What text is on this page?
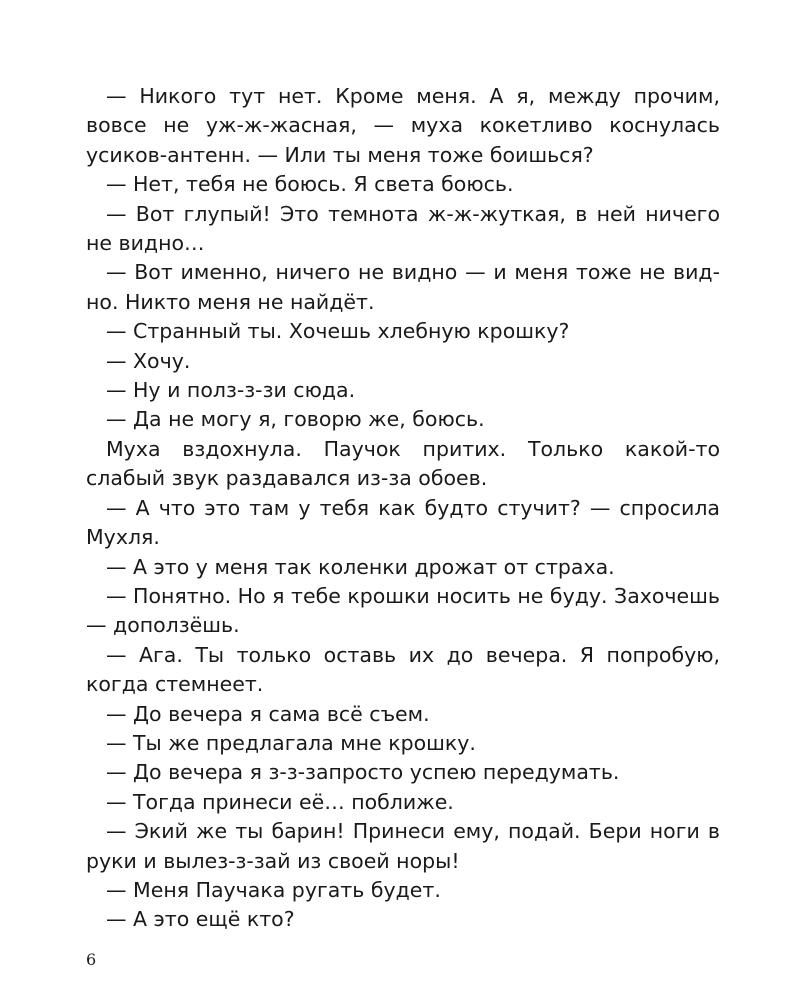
— Никого тут нет. Кроме меня. А я, между прочим, вовсе не уж-ж-жасная, — муха кокетливо коснулась усиков-антенн. — Или ты меня тоже боишься?

— Нет, тебя не боюсь. Я света боюсь.

— Вот глупый! Это темнота ж-ж-жуткая, в ней ничего не видно…

— Вот именно, ничего не видно — и меня тоже не видно. Никто меня не найдёт.

— Странный ты. Хочешь хлебную крошку?

— Хочу.

— Ну и полз-з-зи сюда.

— Да не могу я, говорю же, боюсь.

Муха вздохнула. Паучок притих. Только какой-то слабый звук раздавался из-за обоев.

— А что это там у тебя как будто стучит? — спросила Мухля.

— А это у меня так коленки дрожат от страха.

— Понятно. Но я тебе крошки носить не буду. Захочешь — доползёшь.

— Ага. Ты только оставь их до вечера. Я попробую, когда стемнеет.

— До вечера я сама всё съем.

— Ты же предлагала мне крошку.

— До вечера я з-з-запросто успею передумать.

— Тогда принеси её… поближе.

— Экий же ты барин! Принеси ему, подай. Бери ноги в руки и вылез-з-зай из своей норы!

— Меня Паучака ругать будет.

— А это ещё кто?

6
